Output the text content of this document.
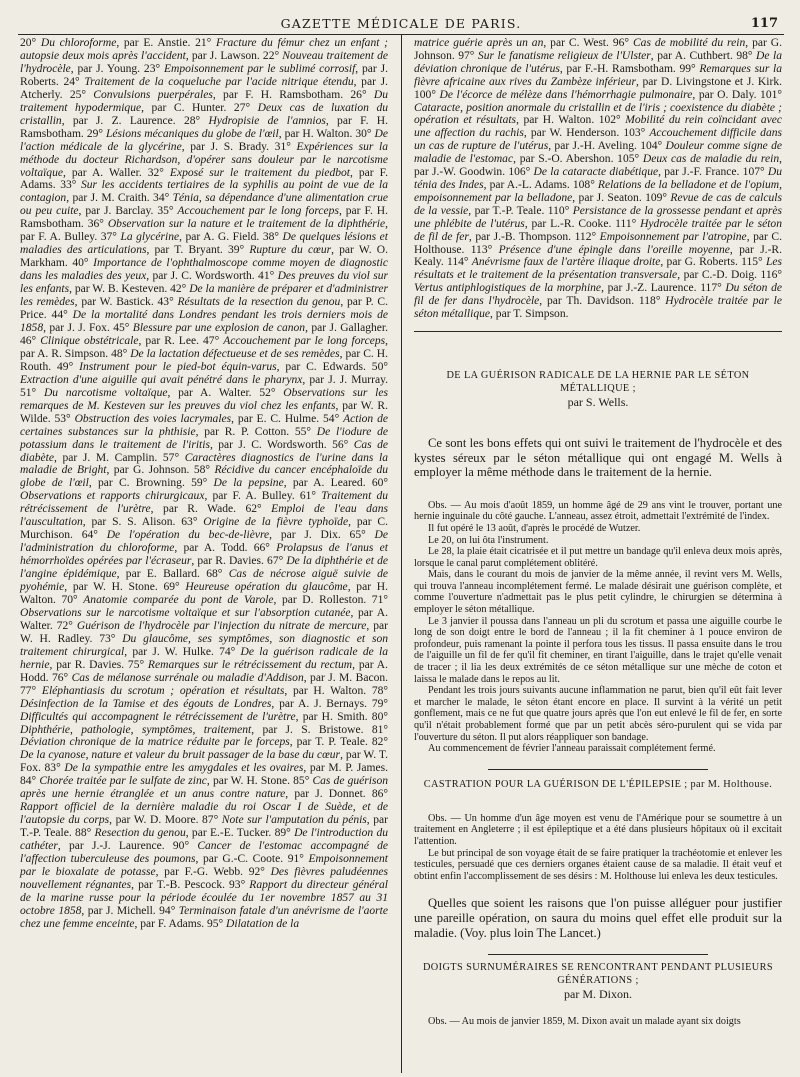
GAZETTE MÉDICALE DE PARIS.	117

20° Du chloroforme, par E. Anstie. 21° Fracture du fémur chez un enfant ; autopsie deux mois après l'accident, par J. Lawson. 22° Nouveau traitement de l'hydrocèle, par J. Young. 23° Empoisonnement par le sublimé corrosif, par J. Roberts. 24° Traitement de la coqueluche par l'acide nitrique étendu, par J. Atcherly. 25° Convulsions puerpérales, par F. H. Ramsbotham. 26° Du traitement hypodermique, par C. Hunter. 27° Deux cas de luxation du cristallin, par J. Z. Laurence. 28° Hydropisie de l'amnios, par F. H. Ramsbotham. 29° Lésions mécaniques du globe de l'œil, par H. Walton. 30° De l'action médicale de la glycérine, par J. S. Brady. 31° Expériences sur la méthode du docteur Richardson, d'opérer sans douleur par le narcotisme voltaïque, par A. Waller. 32° Exposé sur le traitement du piedbot, par F. Adams. 33° Sur les accidents tertiaires de la syphilis au point de vue de la contagion, par J. M. Craith. 34° Ténia, sa dépendance d'une alimentation crue ou peu cuite, par J. Barclay. 35° Accouchement par le long forceps, par F. H. Ramsbotham. 36° Observation sur la nature et le traitement de la diphthérie, par F. A. Bulley. 37° La glycérine, par A. G. Field. 38° De quelques lésions et maladies des articulations, par T. Bryant. 39° Rupture du cœur, par W. O. Markham. 40° Importance de l'ophthalmoscope comme moyen de diagnostic dans les maladies des yeux, par J. C. Wordsworth. 41° Des preuves du viol sur les enfants, par W. B. Kesteven. 42° De la manière de préparer et d'administrer les remèdes, par W. Bastick. 43° Résultats de la resection du genou, par P. C. Price. 44° De la mortalité dans Londres pendant les trois derniers mois de 1858, par J. J. Fox. 45° Blessure par une explosion de canon, par J. Gallagher. 46° Clinique obstétricale, par R. Lee. 47° Accouchement par le long forceps, par A. R. Simpson. 48° De la lactation défectueuse et de ses remèdes, par C. H. Routh. 49° Instrument pour le pied-bot équin-varus, par C. Edwards. 50° Extraction d'une aiguille qui avait pénétré dans le pharynx, par J. J. Murray. 51° Du narcotisme voltaïque, par A. Walter. 52° Observations sur les remarques de M. Kesteven sur les preuves du viol chez les enfants, par W. R. Wilde. 53° Obstruction des voies lacrymales, par E. C. Hulme. 54° Action de certaines substances sur la phthisie, par R. P. Cotton. 55° De l'iodure de potassium dans le traitement de l'iritis, par J. C. Wordsworth. 56° Cas de diabète, par J. M. Camplin. 57° Caractères diagnostics de l'urine dans la maladie de Bright, par G. Johnson. 58° Récidive du cancer encéphaloïde du globe de l'œil, par C. Browning. 59° De la pepsine, par A. Leared. 60° Observations et rapports chirurgicaux, par F. A. Bulley. 61° Traitement du rétrécissement de l'urètre, par R. Wade. 62° Emploi de l'eau dans l'auscultation, par S. S. Alison. 63° Origine de la fièvre typhoïde, par C. Murchison. 64° De l'opération du bec-de-lièvre, par J. Dix. 65° De l'administration du chloroforme, par A. Todd. 66° Prolapsus de l'anus et hémorrhoïdes opérées par l'écraseur, par R. Davies. 67° De la diphthérie et de l'angine épidémique, par E. Ballard. 68° Cas de nécrose aiguë suivie de pyohémie, par W. H. Stone. 69° Heureuse opération du glaucôme, par H. Walton. 70° Anatomie comparée du pont de Varole, par D. Rolleston. 71° Observations sur le narcotisme voltaïque et sur l'absorption cutanée, par A. Walter. 72° Guérison de l'hydrocèle par l'injection du nitrate de mercure, par W. H. Radley. 73° Du glaucôme, ses symptômes, son diagnostic et son traitement chirurgical, par J. W. Hulke. 74° De la guérison radicale de la hernie, par R. Davies. 75° Remarques sur le rétrécissement du rectum, par A. Hodd. 76° Cas de mélanose surrénale ou maladie d'Addison, par J. M. Bacon. 77° Eléphantiasis du scrotum ; opération et résultats, par H. Walton. 78° Désinfection de la Tamise et des égouts de Londres, par A. J. Bernays. 79° Difficultés qui accompagnent le rétrécissement de l'urètre, par H. Smith. 80° Diphthérie, pathologie, symptômes, traitement, par J. S. Bristowe. 81° Déviation chronique de la matrice réduite par le forceps, par T. P. Teale. 82° De la cyanose, nature et valeur du bruit passager de la base du cœur, par W. T. Fox. 83° De la sympathie entre les amygdales et les ovaires, par M. P. James. 84° Chorée traitée par le sulfate de zinc, par W. H. Stone. 85° Cas de guérison après une hernie étranglée et un anus contre nature, par J. Donnet. 86° Rapport officiel de la dernière maladie du roi Oscar I de Suède, et de l'autopsie du corps, par W. D. Moore. 87° Note sur l'amputation du pénis, par T.-P. Teale. 88° Resection du genou, par E.-E. Tucker. 89° De l'introduction du cathéter, par J.-J. Laurence. 90° Cancer de l'estomac accompagné de l'affection tuberculeuse des poumons, par G.-C. Coote. 91° Empoisonnement par le bioxalate de potasse, par F.-G. Webb. 92° Des fièvres paludéennes nouvellement régnantes, par T.-B. Pescock. 93° Rapport du directeur général de la marine russe pour la période écoulée du 1er novembre 1857 au 31 octobre 1858, par J. Michell. 94° Terminaison fatale d'un anévrisme de l'aorte chez une femme enceinte, par F. Adams. 95° Dilatation de la

matrice guérie après un an, par C. West. 96° Cas de mobilité du rein, par G. Johnson. 97° Sur le fanatisme religieux de l'Ulster, par A. Cuthbert. 98° De la déviation chronique de l'utérus, par F.-H. Ramsbotham. 99° Remarques sur la fièvre africaine aux rives du Zambèze inférieur, par D. Livingstone et J. Kirk. 100° De l'écorce de mélèze dans l'hémorrhagie pulmonaire, par O. Daly. 101° Cataracte, position anormale du cristallin et de l'iris ; coexistence du diabète ; opération et résultats, par H. Walton. 102° Mobilité du rein coïncidant avec une affection du rachis, par W. Henderson. 103° Accouchement difficile dans un cas de rupture de l'utérus, par J.-H. Aveling. 104° Douleur comme signe de maladie de l'estomac, par S.-O. Abershon. 105° Deux cas de maladie du rein, par J.-W. Goodwin. 106° De la cataracte diabétique, par J.-F. France. 107° Du ténia des Indes, par A.-L. Adams. 108° Relations de la belladone et de l'opium, empoisonnement par la belladone, par J. Seaton. 109° Revue de cas de calculs de la vessie, par T.-P. Teale. 110° Persistance de la grossesse pendant et après une phlébite de l'utérus, par L.-R. Cooke. 111° Hydrocèle traitée par le séton de fil de fer, par J.-B. Thompson. 112° Empoisonnement par l'atropine, par C. Holthouse. 113° Présence d'une épingle dans l'oreille moyenne, par J.-R. Kealy. 114° Anévrisme faux de l'artère iliaque droite, par G. Roberts. 115° Les résultats et le traitement de la présentation transversale, par C.-D. Doig. 116° Vertus antiphlogistiques de la morphine, par J.-Z. Laurence. 117° Du séton de fil de fer dans l'hydrocèle, par Th. Davidson. 118° Hydrocèle traitée par le séton métallique, par T. Simpson.

DE LA GUÉRISON RADICALE DE LA HERNIE PAR LE SÉTON MÉTALLIQUE ;

par S. Wells.

Ce sont les bons effets qui ont suivi le traitement de l'hydrocèle et des kystes séreux par le séton métallique qui ont engagé M. Wells à employer la même méthode dans le traitement de la hernie.

Obs. — Au mois d'août 1859, un homme âgé de 29 ans vint le trouver, portant une hernie inguinale du côté gauche. L'anneau, assez étroit, admettait l'extrémité de l'index.

Il fut opéré le 13 août, d'après le procédé de Wutzer.

Le 20, on lui ôta l'instrument.

Le 28, la plaie était cicatrisée et il put mettre un bandage qu'il enleva deux mois après, lorsque le canal parut complétement oblitéré.

Mais, dans le courant du mois de janvier de la même année, il revint vers M. Wells, qui trouva l'anneau incomplétement fermé. Le malade désirait une guérison complète, et comme l'ouverture n'admettait pas le plus petit cylindre, le chirurgien se détermina à employer le séton métallique.

Le 3 janvier il poussa dans l'anneau un pli du scrotum et passa une aiguille courbe le long de son doigt entre le bord de l'anneau ; il la fit cheminer à 1 pouce environ de profondeur, puis ramenant la pointe il perfora tous les tissus. Il passa ensuite dans le trou de l'aiguille un fil de fer qu'il fit cheminer, en tirant l'aiguille, dans le trajet qu'elle venait de tracer ; il lia les deux extrémités de ce séton métallique sur une mèche de coton et laissa le malade dans le repos au lit.

Pendant les trois jours suivants aucune inflammation ne parut, bien qu'il eût fait lever et marcher le malade, le séton étant encore en place. Il survint à la vérité un petit gonflement, mais ce ne fut que quatre jours après que l'on eut enlevé le fil de fer, en sorte qu'il n'était probablement formé que par un petit abcès séro-purulent qui se vida par l'ouverture du séton. Il put alors réappliquer son bandage.

Au commencement de février l'anneau paraissait complétement fermé.

CASTRATION POUR LA GUÉRISON DE L'ÉPILEPSIE ; par M. Holthouse.

Obs. — Un homme d'un âge moyen est venu de l'Amérique pour se soumettre à un traitement en Angleterre ; il est épileptique et a été dans plusieurs hôpitaux où il excitait l'attention.

Le but principal de son voyage était de se faire pratiquer la trachéotomie et enlever les testicules, persuadé que ces derniers organes étaient cause de sa maladie. Il était veuf et obtint enfin l'accomplissement de ses désirs : M. Holthouse lui enleva les deux testicules.

Quelles que soient les raisons que l'on puisse alléguer pour justifier une pareille opération, on saura du moins quel effet elle produit sur la maladie. (Voy. plus loin The Lancet.)

DOIGTS SURNUMÉRAIRES SE RENCONTRANT PENDANT PLUSIEURS GÉNÉRATIONS ;

par M. Dixon.

Obs. — Au mois de janvier 1859, M. Dixon avait un malade ayant six doigts
